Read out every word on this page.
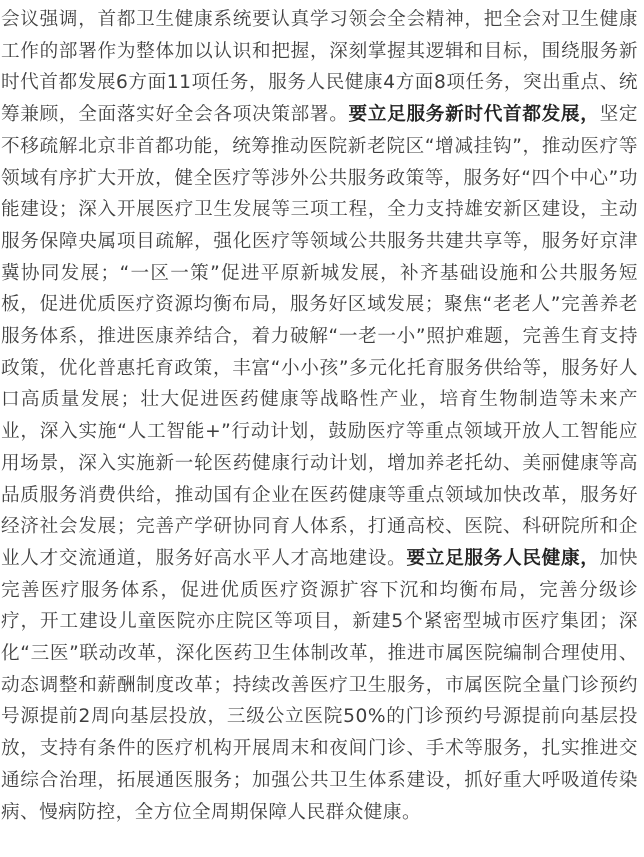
会议强调，首都卫生健康系统要认真学习领会全会精神，把全会对卫生健康工作的部署作为整体加以认识和把握，深刻掌握其逻辑和目标，围绕服务新时代首都发展6方面11项任务，服务人民健康4方面8项任务，突出重点、统筹兼顾，全面落实好全会各项决策部署。要立足服务新时代首都发展，坚定不移疏解北京非首都功能，统筹推动医院新老院区“增减挂钩”，推动医疗等领域有序扩大开放，健全医疗等涉外公共服务政策等，服务好“四个中心”功能建设；深入开展医疗卫生发展等三项工程，全力支持雄安新区建设，主动服务保障央属项目疏解，强化医疗等领域公共服务共建共享等，服务好京津冀协同发展；“一区一策”促进平原新城发展，补齐基础设施和公共服务短板，促进优质医疗资源均衡布局，服务好区域发展；聚焦“老老人”完善养老服务体系，推进医康养结合，着力破解“一老一小”照护难题，完善生育支持政策，优化普惠托育政策，丰富“小小孩”多元化托育服务供给等，服务好人口高质量发展；壮大促进医药健康等战略性产业，培育生物制造等未来产业，深入实施“人工智能+”行动计划，鼓励医疗等重点领域开放人工智能应用场景，深入实施新一轮医药健康行动计划，增加养老托幼、美丽健康等高品质服务消费供给，推动国有企业在医药健康等重点领域加快改革，服务好经济社会发展；完善产学研协同育人体系，打通高校、医院、科研院所和企业人才交流通道，服务好高水平人才高地建设。要立足服务人民健康，加快完善医疗服务体系，促进优质医疗资源扩容下沉和均衡布局，完善分级诊疗，开工建设儿童医院亦庄院区等项目，新建5个紧密型城市医疗集团；深化“三医”联动改革，深化医药卫生体制改革，推进市属医院编制合理使用、动态调整和薪酬制度改革；持续改善医疗卫生服务，市属医院全量门诊预约号源提前2周向基层投放，三级公立医院50%的门诊预约号源提前向基层投放，支持有条件的医疗机构开展周末和夜间门诊、手术等服务，扎实推进交通综合治理，拓展通医服务；加强公共卫生体系建设，抓好重大呼吸道传染病、慢病防控，全方位全周期保障人民群众健康。
